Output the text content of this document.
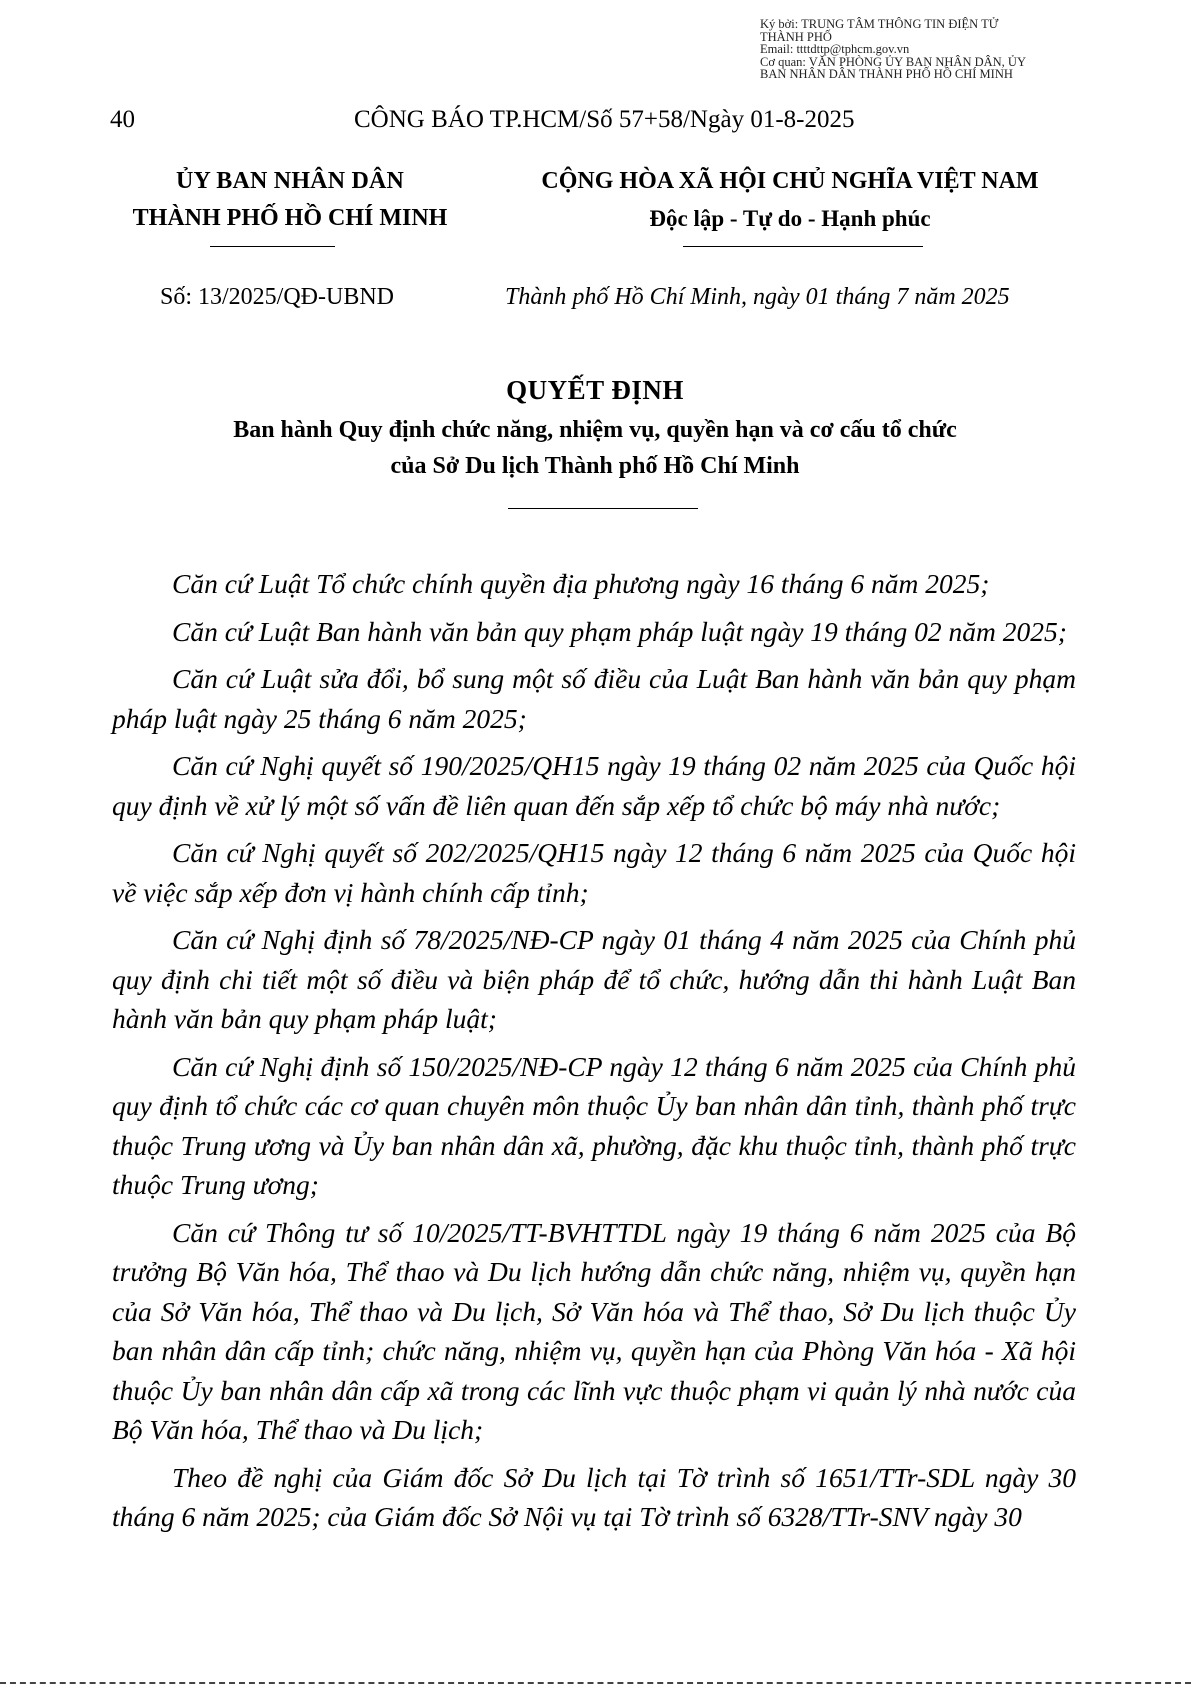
Ký bởi: TRUNG TÂM THÔNG TIN ĐIỆN TỬ
THÀNH PHỐ
Email: ttttdttp@tphcm.gov.vn
Cơ quan: VĂN PHÒNG ỦY BAN NHÂN DÂN, ỦY
BAN NHÂN DÂN THÀNH PHỐ HỒ CHÍ MINH
40	CÔNG BÁO TP.HCM/Số 57+58/Ngày 01-8-2025
ỦY BAN NHÂN DÂN
THÀNH PHỐ HỒ CHÍ MINH
CỘNG HÒA XÃ HỘI CHỦ NGHĨA VIỆT NAM
Độc lập - Tự do - Hạnh phúc
Số: 13/2025/QĐ-UBND	Thành phố Hồ Chí Minh, ngày 01 tháng 7 năm 2025
QUYẾT ĐỊNH
Ban hành Quy định chức năng, nhiệm vụ, quyền hạn và cơ cấu tổ chức
của Sở Du lịch Thành phố Hồ Chí Minh

Căn cứ Luật Tổ chức chính quyền địa phương ngày 16 tháng 6 năm 2025;

Căn cứ Luật Ban hành văn bản quy phạm pháp luật ngày 19 tháng 02 năm 2025;

Căn cứ Luật sửa đổi, bổ sung một số điều của Luật Ban hành văn bản quy phạm pháp luật ngày 25 tháng 6 năm 2025;

Căn cứ Nghị quyết số 190/2025/QH15 ngày 19 tháng 02 năm 2025 của Quốc hội quy định về xử lý một số vấn đề liên quan đến sắp xếp tổ chức bộ máy nhà nước;

Căn cứ Nghị quyết số 202/2025/QH15 ngày 12 tháng 6 năm 2025 của Quốc hội về việc sắp xếp đơn vị hành chính cấp tỉnh;

Căn cứ Nghị định số 78/2025/NĐ-CP ngày 01 tháng 4 năm 2025 của Chính phủ quy định chi tiết một số điều và biện pháp để tổ chức, hướng dẫn thi hành Luật Ban hành văn bản quy phạm pháp luật;

Căn cứ Nghị định số 150/2025/NĐ-CP ngày 12 tháng 6 năm 2025 của Chính phủ quy định tổ chức các cơ quan chuyên môn thuộc Ủy ban nhân dân tỉnh, thành phố trực thuộc Trung ương và Ủy ban nhân dân xã, phường, đặc khu thuộc tỉnh, thành phố trực thuộc Trung ương;

Căn cứ Thông tư số 10/2025/TT-BVHTTDL ngày 19 tháng 6 năm 2025 của Bộ trưởng Bộ Văn hóa, Thể thao và Du lịch hướng dẫn chức năng, nhiệm vụ, quyền hạn của Sở Văn hóa, Thể thao và Du lịch, Sở Văn hóa và Thể thao, Sở Du lịch thuộc Ủy ban nhân dân cấp tỉnh; chức năng, nhiệm vụ, quyền hạn của Phòng Văn hóa - Xã hội thuộc Ủy ban nhân dân cấp xã trong các lĩnh vực thuộc phạm vi quản lý nhà nước của Bộ Văn hóa, Thể thao và Du lịch;

Theo đề nghị của Giám đốc Sở Du lịch tại Tờ trình số 1651/TTr-SDL ngày 30 tháng 6 năm 2025; của Giám đốc Sở Nội vụ tại Tờ trình số 6328/TTr-SNV ngày 30
